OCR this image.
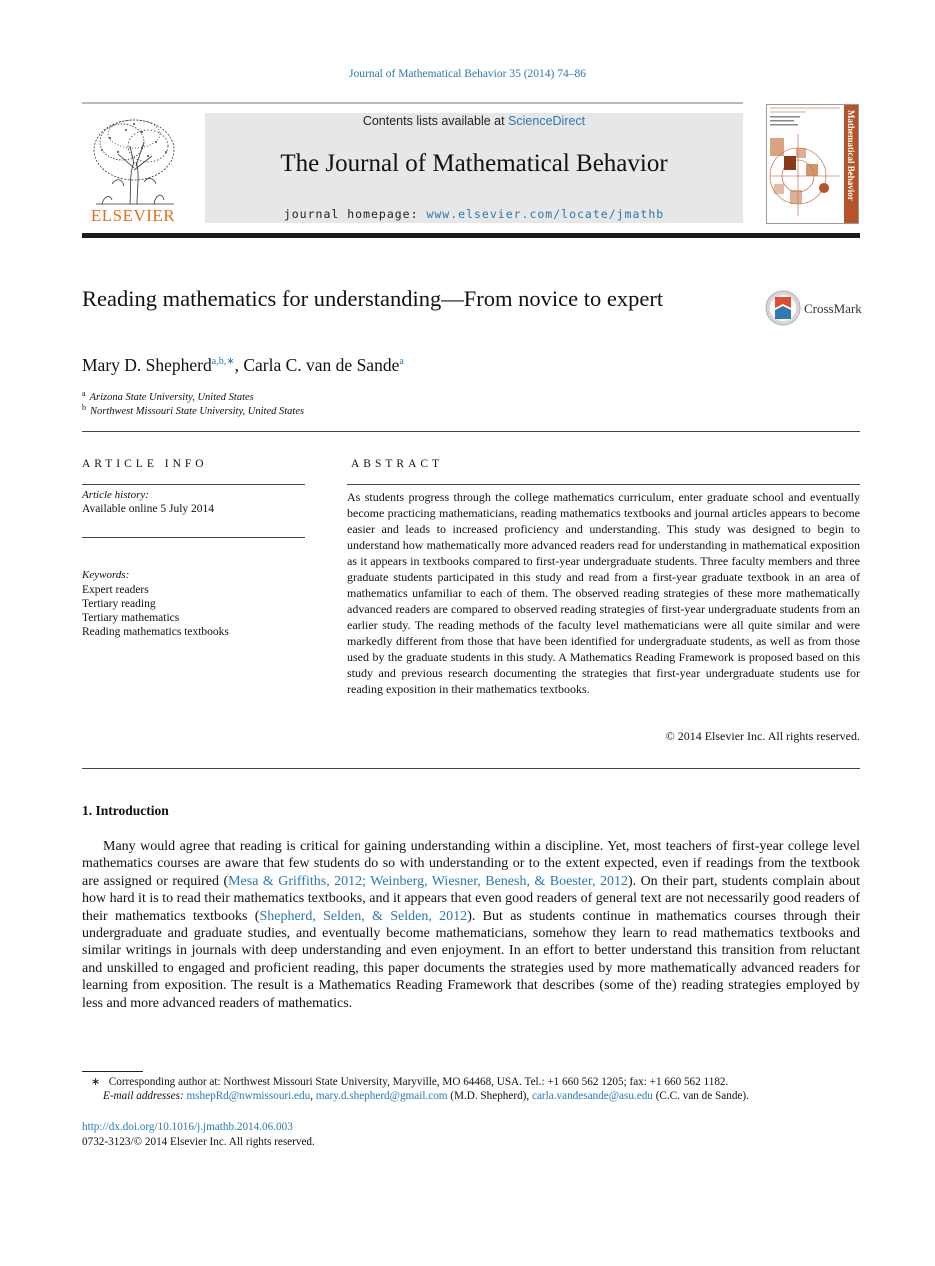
Journal of Mathematical Behavior 35 (2014) 74–86
Contents lists available at ScienceDirect
The Journal of Mathematical Behavior
journal homepage: www.elsevier.com/locate/jmathb
ELSEVIER
Mathematical Behavior
Reading mathematics for understanding—From novice to expert	CrossMark
Mary D. Shepherd$^{a,b,∗}$, Carla C. van de Sande$^a$
$^a$ Arizona State University, United States
$^b$ Northwest Missouri State University, United States
ARTICLE INFO
Article history:
Available online 5 July 2014
Keywords:
Expert readers
Tertiary reading
Tertiary mathematics
Reading mathematics textbooks
ABSTRACT
As students progress through the college mathematics curriculum, enter graduate school and eventually become practicing mathematicians, reading mathematics textbooks and journal articles appears to become easier and leads to increased proficiency and understanding. This study was designed to begin to understand how mathematically more advanced readers read for understanding in mathematical exposition as it appears in textbooks compared to first-year undergraduate students. Three faculty members and three graduate students participated in this study and read from a first-year graduate textbook in an area of mathematics unfamiliar to each of them. The observed reading strategies of these more mathematically advanced readers are compared to observed reading strategies of first-year undergraduate students from an earlier study. The reading methods of the faculty level mathematicians were all quite similar and were markedly different from those that have been identified for undergraduate students, as well as from those used by the graduate students in this study. A Mathematics Reading Framework is proposed based on this study and previous research documenting the strategies that first-year undergraduate students use for reading exposition in their mathematics textbooks.
© 2014 Elsevier Inc. All rights reserved.
1. Introduction
Many would agree that reading is critical for gaining understanding within a discipline. Yet, most teachers of first-year college level mathematics courses are aware that few students do so with understanding or to the extent expected, even if readings from the textbook are assigned or required (Mesa & Griffiths, 2012; Weinberg, Wiesner, Benesh, & Boester, 2012). On their part, students complain about how hard it is to read their mathematics textbooks, and it appears that even good readers of general text are not necessarily good readers of their mathematics textbooks (Shepherd, Selden, & Selden, 2012). But as students continue in mathematics courses through their undergraduate and graduate studies, and eventually become mathematicians, somehow they learn to read mathematics textbooks and similar writings in journals with deep understanding and even enjoyment. In an effort to better understand this transition from reluctant and unskilled to engaged and proficient reading, this paper documents the strategies used by more mathematically advanced readers for learning from exposition. The result is a Mathematics Reading Framework that describes (some of the) reading strategies employed by less and more advanced readers of mathematics.
∗ Corresponding author at: Northwest Missouri State University, Maryville, MO 64468, USA. Tel.: +1 660 562 1205; fax: +1 660 562 1182.
E-mail addresses: mshepRd@nwmissouri.edu, mary.d.shepherd@gmail.com (M.D. Shepherd), carla.vandesande@asu.edu (C.C. van de Sande).
http://dx.doi.org/10.1016/j.jmathb.2014.06.003
0732-3123/© 2014 Elsevier Inc. All rights reserved.
